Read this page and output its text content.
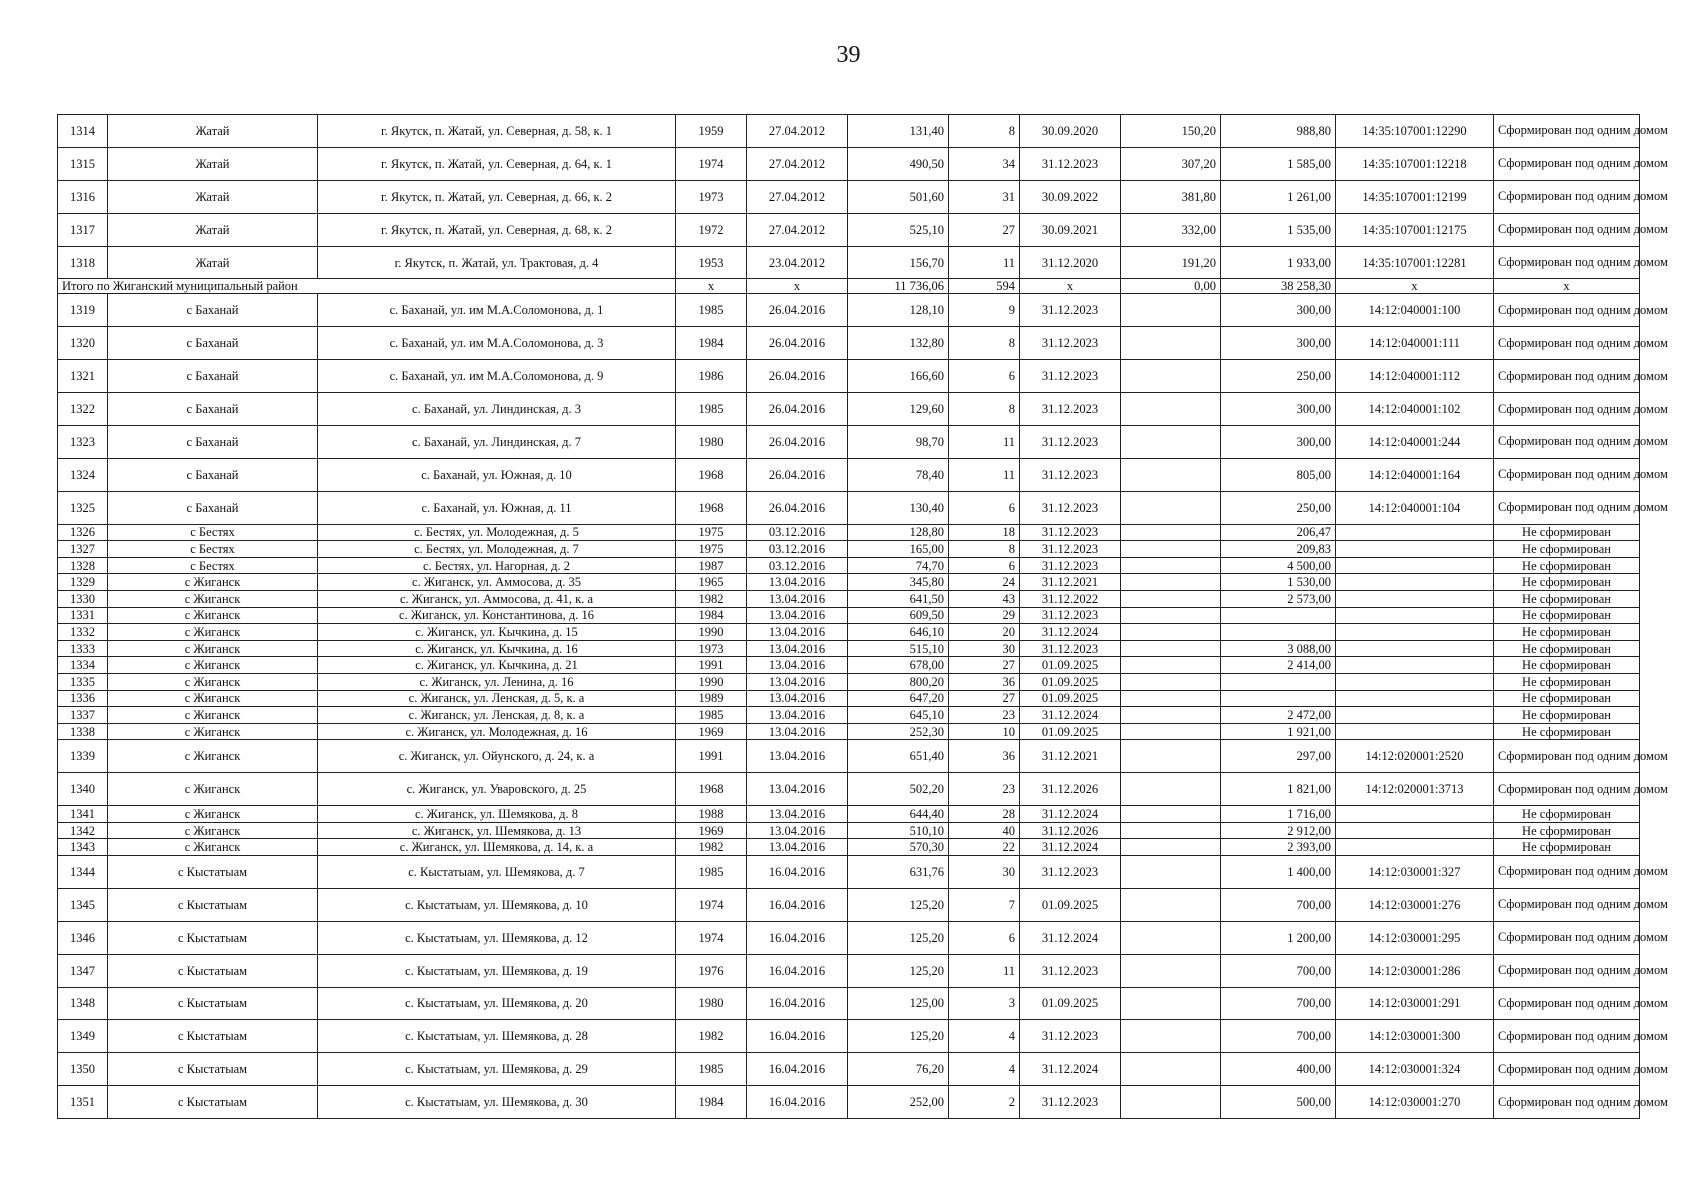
39
1314	Жатай	г. Якутск, п. Жатай, ул. Северная, д. 58, к. 1	1959	27.04.2012	131,40	8	30.09.2020	150,20	988,80	14:35:107001:12290	Сформирован под одним домом
1315	Жатай	г. Якутск, п. Жатай, ул. Северная, д. 64, к. 1	1974	27.04.2012	490,50	34	31.12.2023	307,20	1 585,00	14:35:107001:12218	Сформирован под одним домом
1316	Жатай	г. Якутск, п. Жатай, ул. Северная, д. 66, к. 2	1973	27.04.2012	501,60	31	30.09.2022	381,80	1 261,00	14:35:107001:12199	Сформирован под одним домом
1317	Жатай	г. Якутск, п. Жатай, ул. Северная, д. 68, к. 2	1972	27.04.2012	525,10	27	30.09.2021	332,00	1 535,00	14:35:107001:12175	Сформирован под одним домом
1318	Жатай	г. Якутск, п. Жатай, ул. Трактовая, д. 4	1953	23.04.2012	156,70	11	31.12.2020	191,20	1 933,00	14:35:107001:12281	Сформирован под одним домом
Итого по Жиганский муниципальный район			x	x	11 736,06	594	x	0,00	38 258,30	x	x
1319	с Баханай	с. Баханай, ул. им М.А.Соломонова, д. 1	1985	26.04.2016	128,10	9	31.12.2023		300,00	14:12:040001:100	Сформирован под одним домом
1320	с Баханай	с. Баханай, ул. им М.А.Соломонова, д. 3	1984	26.04.2016	132,80	8	31.12.2023		300,00	14:12:040001:111	Сформирован под одним домом
1321	с Баханай	с. Баханай, ул. им М.А.Соломонова, д. 9	1986	26.04.2016	166,60	6	31.12.2023		250,00	14:12:040001:112	Сформирован под одним домом
1322	с Баханай	с. Баханай, ул. Линдинская, д. 3	1985	26.04.2016	129,60	8	31.12.2023		300,00	14:12:040001:102	Сформирован под одним домом
1323	с Баханай	с. Баханай, ул. Линдинская, д. 7	1980	26.04.2016	98,70	11	31.12.2023		300,00	14:12:040001:244	Сформирован под одним домом
1324	с Баханай	с. Баханай, ул. Южная, д. 10	1968	26.04.2016	78,40	11	31.12.2023		805,00	14:12:040001:164	Сформирован под одним домом
1325	с Баханай	с. Баханай, ул. Южная, д. 11	1968	26.04.2016	130,40	6	31.12.2023		250,00	14:12:040001:104	Сформирован под одним домом
1326	с Бестях	с. Бестях, ул. Молодежная, д. 5	1975	03.12.2016	128,80	18	31.12.2023		206,47		Не сформирован
1327	с Бестях	с. Бестях, ул. Молодежная, д. 7	1975	03.12.2016	165,00	8	31.12.2023		209,83		Не сформирован
1328	с Бестях	с. Бестях, ул. Нагорная, д. 2	1987	03.12.2016	74,70	6	31.12.2023		4 500,00		Не сформирован
1329	с Жиганск	с. Жиганск, ул. Аммосова, д. 35	1965	13.04.2016	345,80	24	31.12.2021		1 530,00		Не сформирован
1330	с Жиганск	с. Жиганск, ул. Аммосова, д. 41, к. а	1982	13.04.2016	641,50	43	31.12.2022		2 573,00		Не сформирован
1331	с Жиганск	с. Жиганск, ул. Константинова, д. 16	1984	13.04.2016	609,50	29	31.12.2023				Не сформирован
1332	с Жиганск	с. Жиганск, ул. Кычкина, д. 15	1990	13.04.2016	646,10	20	31.12.2024				Не сформирован
1333	с Жиганск	с. Жиганск, ул. Кычкина, д. 16	1973	13.04.2016	515,10	30	31.12.2023		3 088,00		Не сформирован
1334	с Жиганск	с. Жиганск, ул. Кычкина, д. 21	1991	13.04.2016	678,00	27	01.09.2025		2 414,00		Не сформирован
1335	с Жиганск	с. Жиганск, ул. Ленина, д. 16	1990	13.04.2016	800,20	36	01.09.2025				Не сформирован
1336	с Жиганск	с. Жиганск, ул. Ленская, д. 5, к. а	1989	13.04.2016	647,20	27	01.09.2025				Не сформирован
1337	с Жиганск	с. Жиганск, ул. Ленская, д. 8, к. а	1985	13.04.2016	645,10	23	31.12.2024		2 472,00		Не сформирован
1338	с Жиганск	с. Жиганск, ул. Молодежная, д. 16	1969	13.04.2016	252,30	10	01.09.2025		1 921,00		Не сформирован
1339	с Жиганск	с. Жиганск, ул. Ойунского, д. 24, к. а	1991	13.04.2016	651,40	36	31.12.2021		297,00	14:12:020001:2520	Сформирован под одним домом
1340	с Жиганск	с. Жиганск, ул. Уваровского, д. 25	1968	13.04.2016	502,20	23	31.12.2026		1 821,00	14:12:020001:3713	Сформирован под одним домом
1341	с Жиганск	с. Жиганск, ул. Шемякова, д. 8	1988	13.04.2016	644,40	28	31.12.2024		1 716,00		Не сформирован
1342	с Жиганск	с. Жиганск, ул. Шемякова, д. 13	1969	13.04.2016	510,10	40	31.12.2026		2 912,00		Не сформирован
1343	с Жиганск	с. Жиганск, ул. Шемякова, д. 14, к. а	1982	13.04.2016	570,30	22	31.12.2024		2 393,00		Не сформирован
1344	с Кыстатыам	с. Кыстатыам, ул. Шемякова, д. 7	1985	16.04.2016	631,76	30	31.12.2023		1 400,00	14:12:030001:327	Сформирован под одним домом
1345	с Кыстатыам	с. Кыстатыам, ул. Шемякова, д. 10	1974	16.04.2016	125,20	7	01.09.2025		700,00	14:12:030001:276	Сформирован под одним домом
1346	с Кыстатыам	с. Кыстатыам, ул. Шемякова, д. 12	1974	16.04.2016	125,20	6	31.12.2024		1 200,00	14:12:030001:295	Сформирован под одним домом
1347	с Кыстатыам	с. Кыстатыам, ул. Шемякова, д. 19	1976	16.04.2016	125,20	11	31.12.2023		700,00	14:12:030001:286	Сформирован под одним домом
1348	с Кыстатыам	с. Кыстатыам, ул. Шемякова, д. 20	1980	16.04.2016	125,00	3	01.09.2025		700,00	14:12:030001:291	Сформирован под одним домом
1349	с Кыстатыам	с. Кыстатыам, ул. Шемякова, д. 28	1982	16.04.2016	125,20	4	31.12.2023		700,00	14:12:030001:300	Сформирован под одним домом
1350	с Кыстатыам	с. Кыстатыам, ул. Шемякова, д. 29	1985	16.04.2016	76,20	4	31.12.2024		400,00	14:12:030001:324	Сформирован под одним домом
1351	с Кыстатыам	с. Кыстатыам, ул. Шемякова, д. 30	1984	16.04.2016	252,00	2	31.12.2023		500,00	14:12:030001:270	Сформирован под одним домом
